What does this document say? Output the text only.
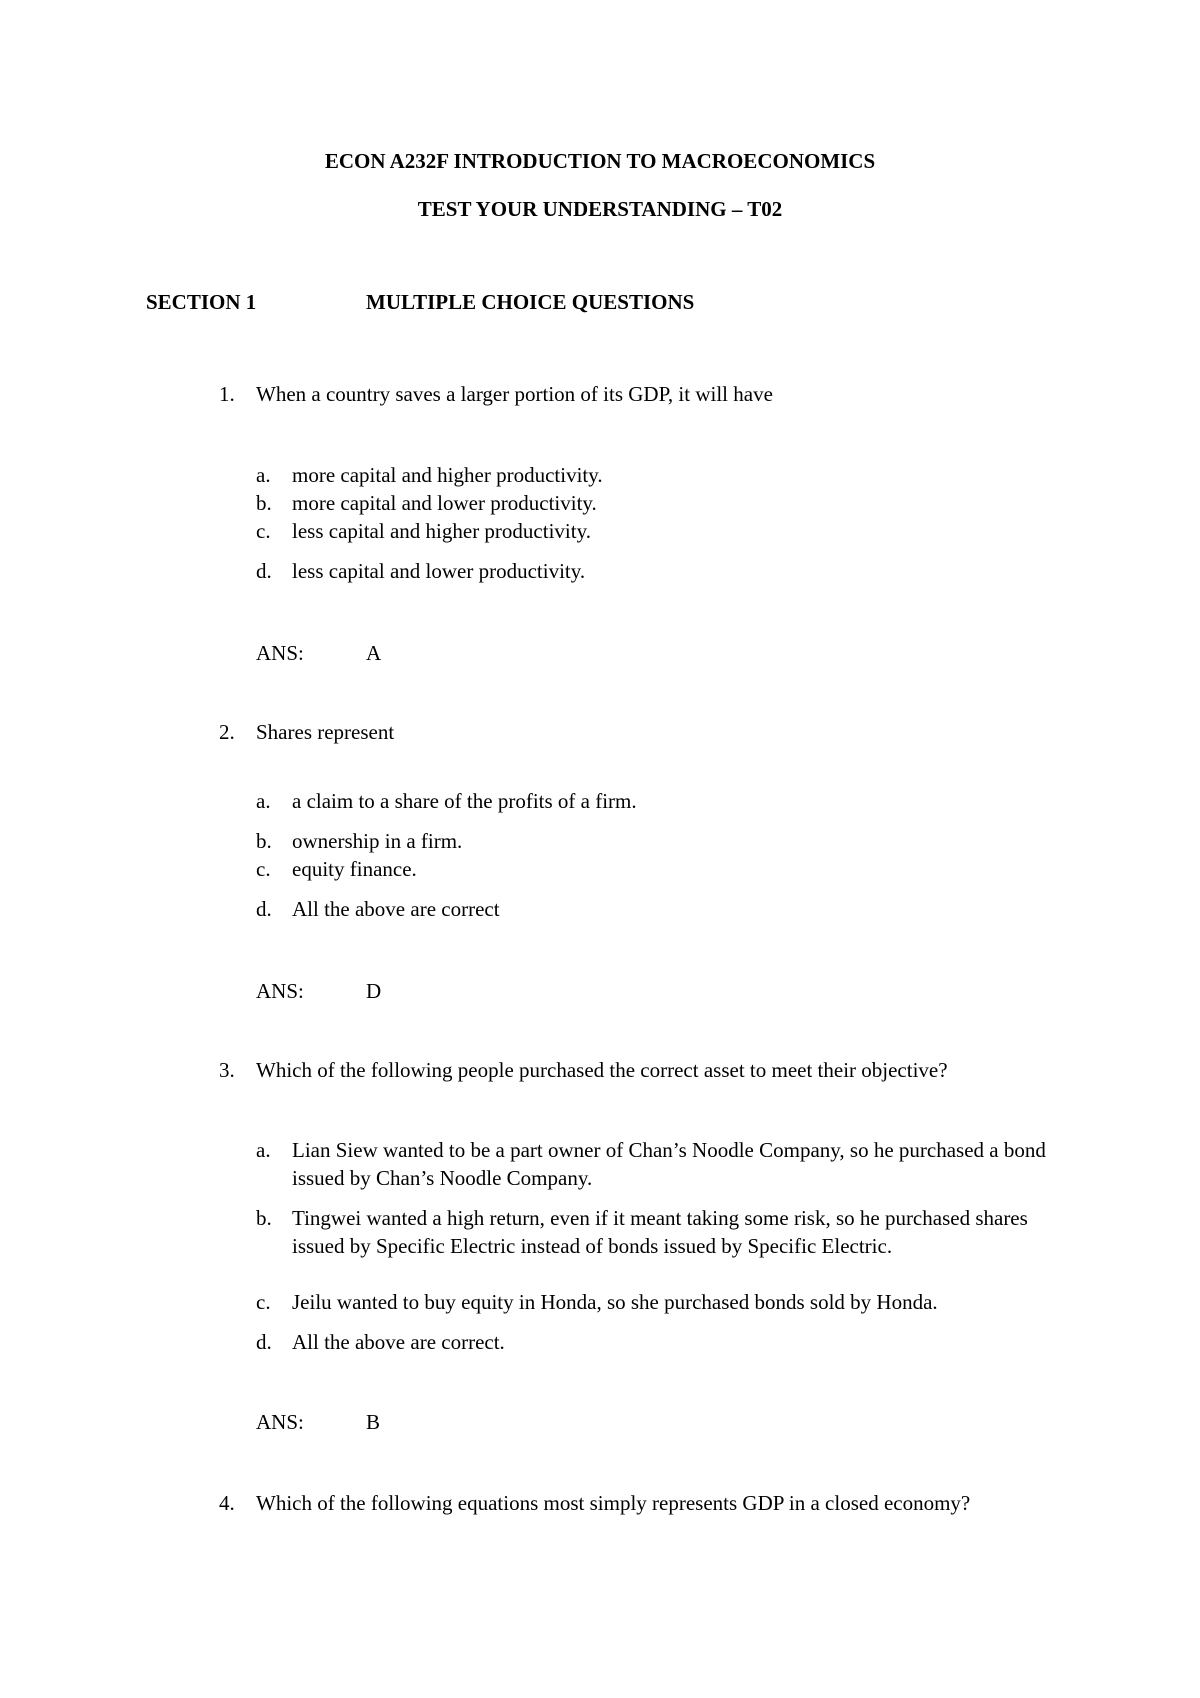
ECON A232F INTRODUCTION TO MACROECONOMICS
TEST YOUR UNDERSTANDING – T02
SECTION 1	MULTIPLE CHOICE QUESTIONS
1. When a country saves a larger portion of its GDP, it will have
a. more capital and higher productivity.
b. more capital and lower productivity.
c. less capital and higher productivity.
d. less capital and lower productivity.
ANS:	A
2. Shares represent
a. a claim to a share of the profits of a firm.
b. ownership in a firm.
c. equity finance.
d. All the above are correct
ANS:	D
3. Which of the following people purchased the correct asset to meet their objective?
a. Lian Siew wanted to be a part owner of Chan’s Noodle Company, so he purchased a bond issued by Chan’s Noodle Company.
b. Tingwei wanted a high return, even if it meant taking some risk, so he purchased shares issued by Specific Electric instead of bonds issued by Specific Electric.
c. Jeilu wanted to buy equity in Honda, so she purchased bonds sold by Honda.
d. All the above are correct.
ANS:	B
4. Which of the following equations most simply represents GDP in a closed economy?
